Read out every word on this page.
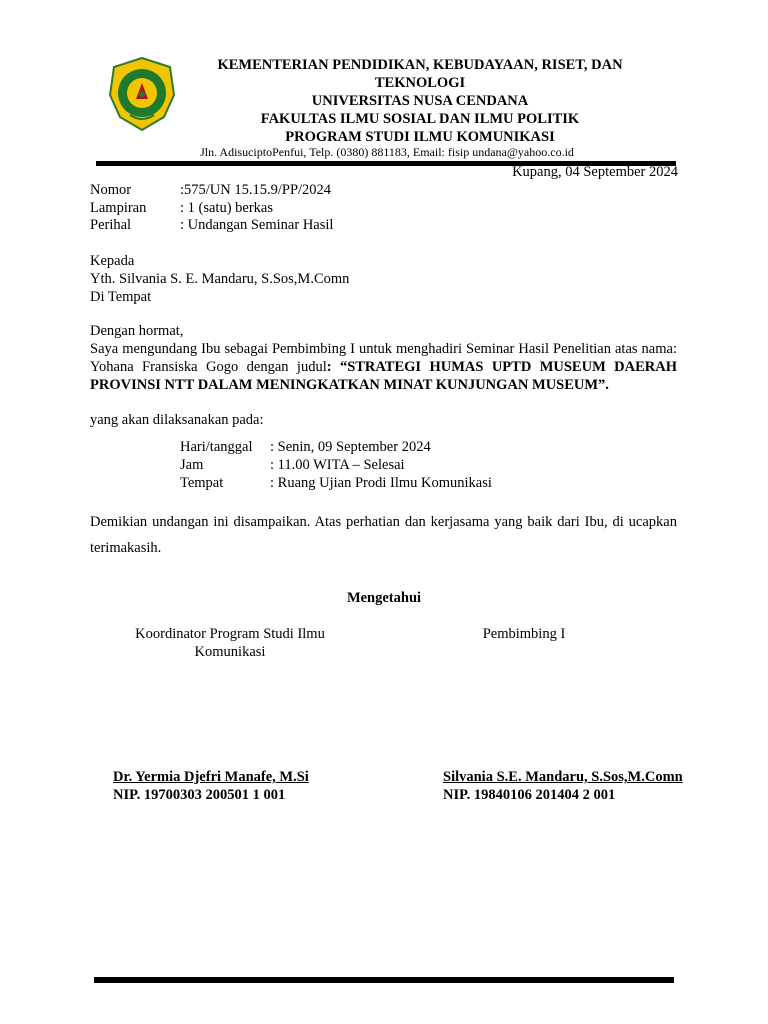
KEMENTERIAN PENDIDIKAN, KEBUDAYAAN, RISET, DAN
TEKNOLOGI
UNIVERSITAS NUSA CENDANA
FAKULTAS ILMU SOSIAL DAN ILMU POLITIK
PROGRAM STUDI ILMU KOMUNIKASI
Jln. AdisuciptoPenfui, Telp. (0380) 881183, Email: fisip undana@yahoo.co.id
Kupang, 04 September 2024
Nomor	:575/UN 15.15.9/PP/2024
Lampiran : 1 (satu) berkas
Perihal	: Undangan Seminar Hasil
Kepada
Yth. Silvania S. E. Mandaru, S.Sos,M.Comn
Di Tempat
Dengan hormat,
Saya mengundang Ibu sebagai Pembimbing I untuk menghadiri Seminar Hasil Penelitian atas nama: Yohana Fransiska Gogo dengan judul: “STRATEGI HUMAS UPTD MUSEUM DAERAH PROVINSI NTT DALAM MENINGKATKAN MINAT KUNJUNGAN MUSEUM”.
yang akan dilaksanakan pada:
Hari/tanggal : Senin, 09 September 2024
Jam	: 11.00 WITA – Selesai
Tempat	: Ruang Ujian Prodi Ilmu Komunikasi
Demikian undangan ini disampaikan. Atas perhatian dan kerjasama yang baik dari Ibu, di ucapkan terimakasih.
Mengetahui
Koordinator Program Studi Ilmu
Komunikasi
Pembimbing I
Dr. Yermia Djefri Manafe, M.Si
NIP. 19700303 200501 1 001
Silvania S.E. Mandaru, S.Sos,M.Comn
NIP. 19840106 201404 2 001
